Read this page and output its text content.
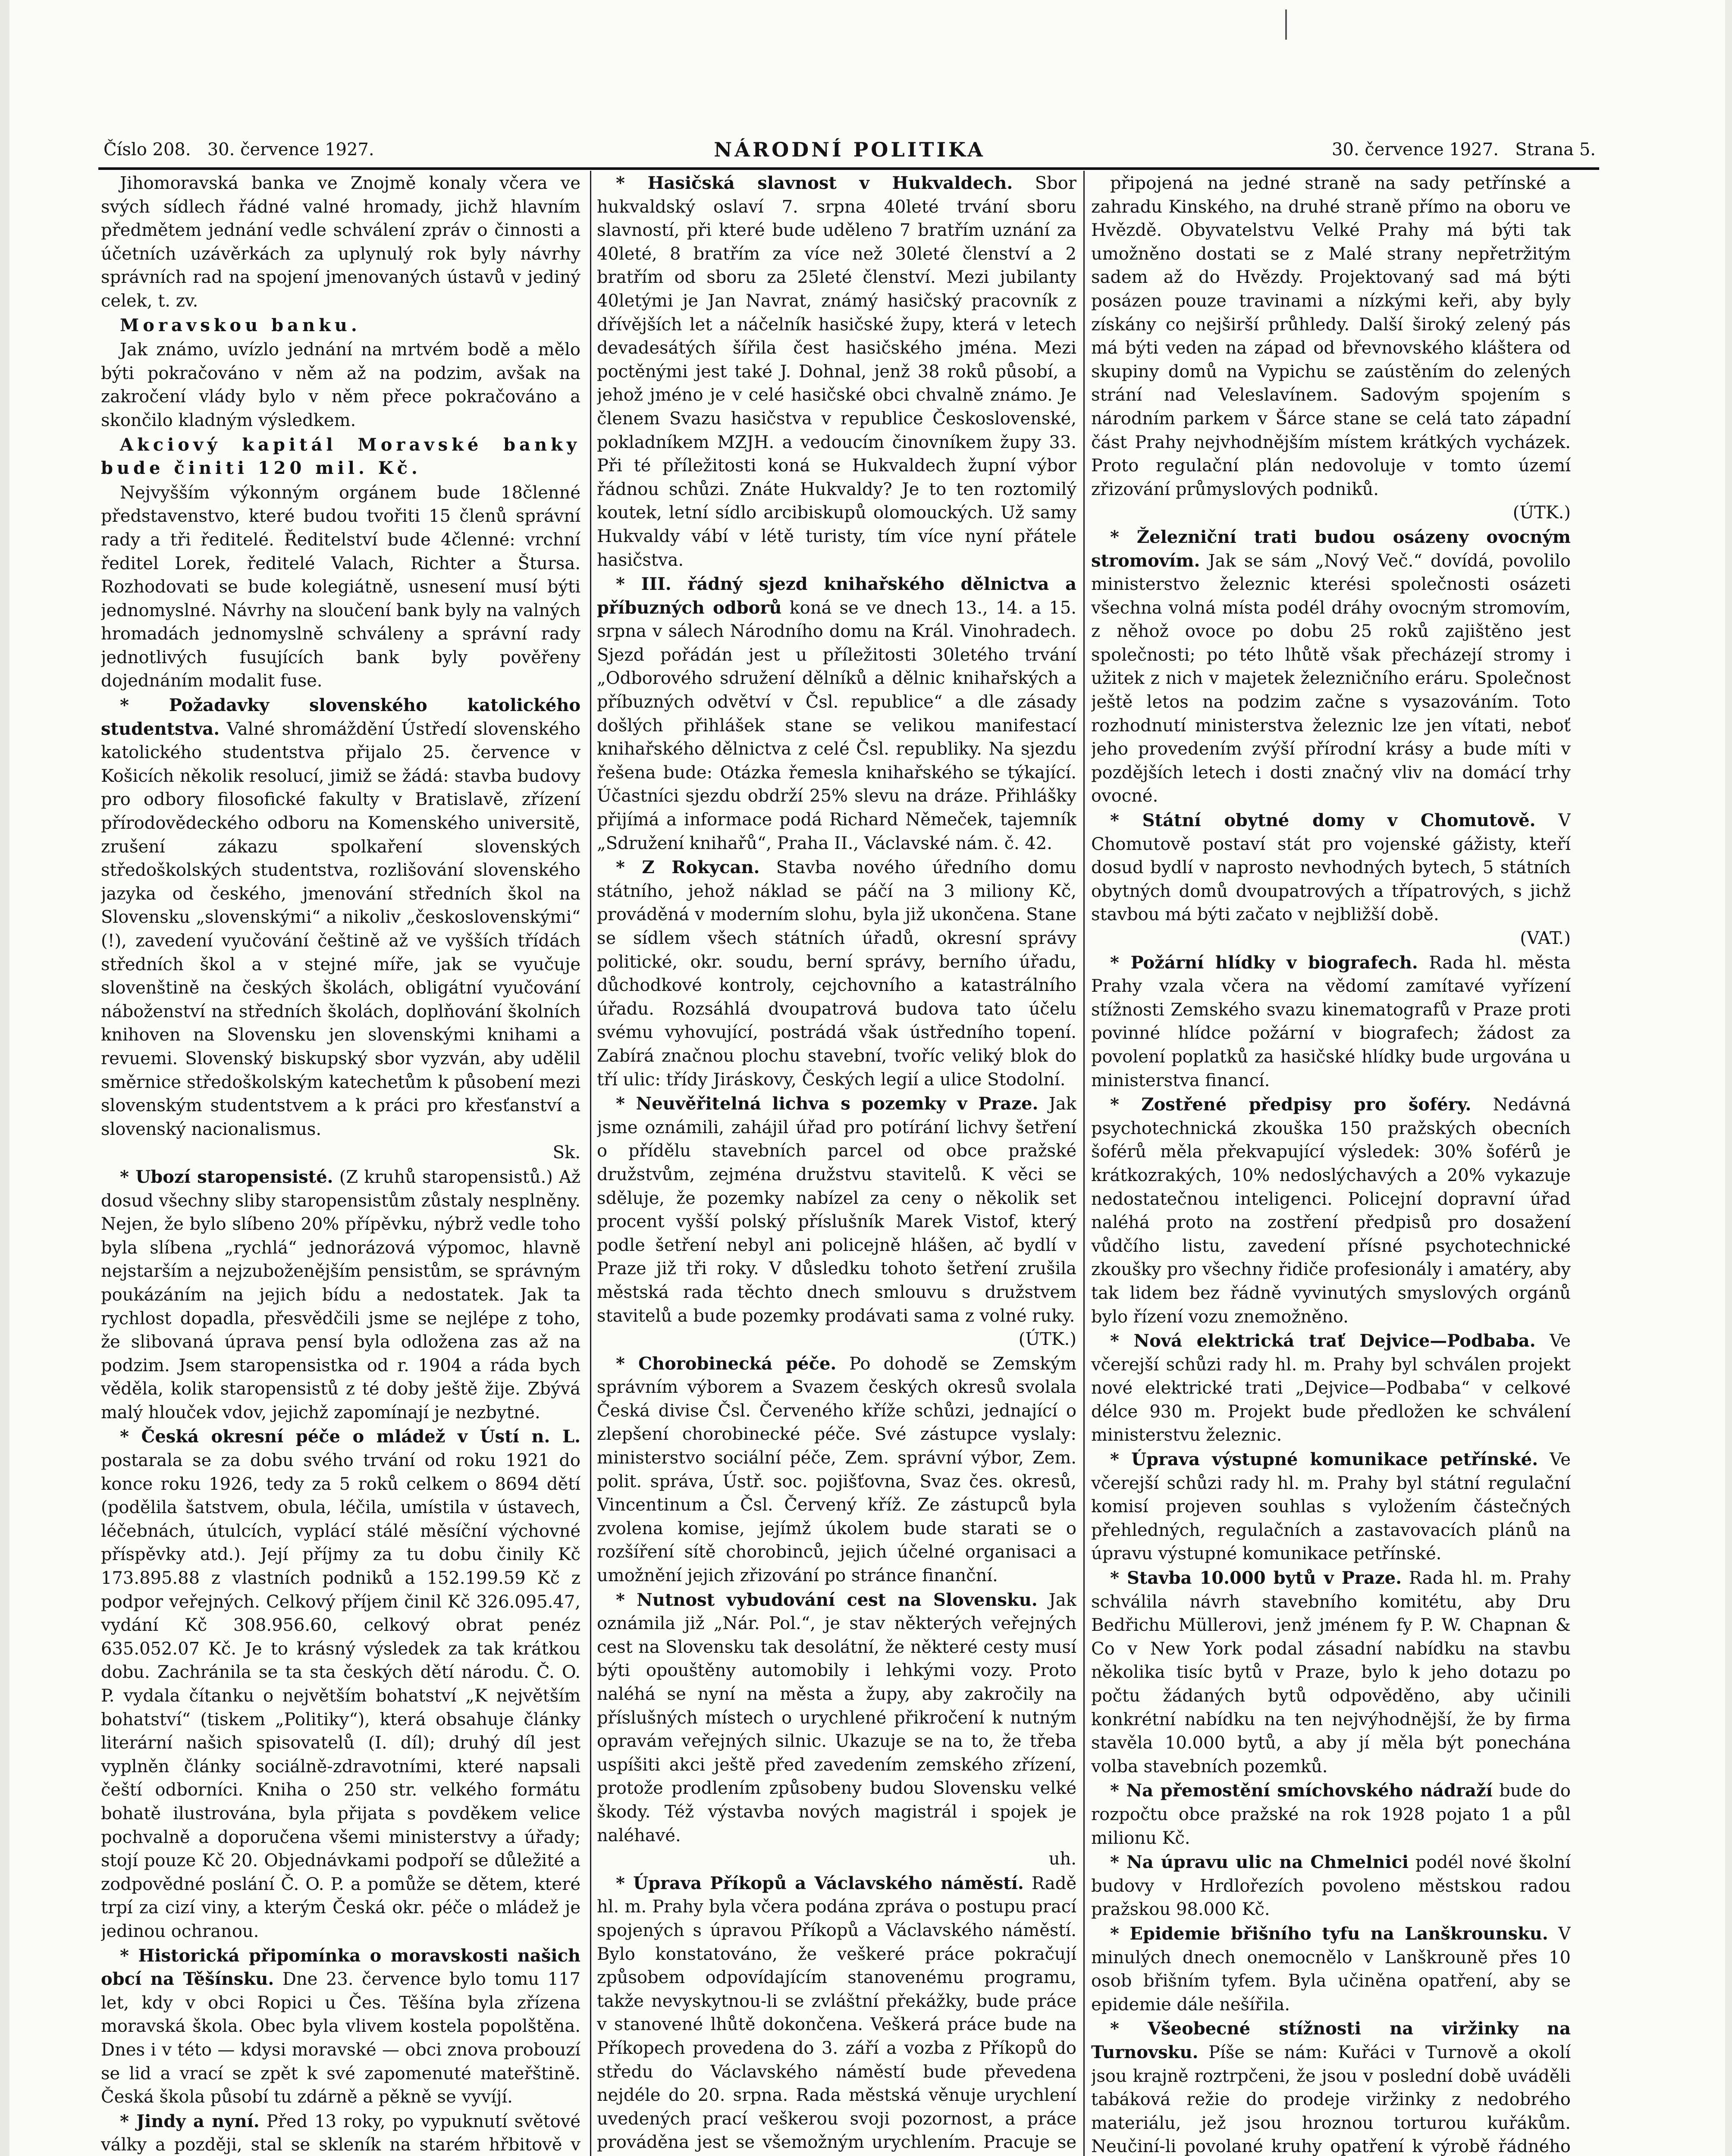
Číslo 208. 30. července 1927.	NÁRODNÍ POLITIKA	30. července 1927. Strana 5.

Jihomoravská banka ve Znojmě konaly včera ve svých sídlech řádné valné hromady, jichž hlavním předmětem jednání vedle schválení zpráv o činnosti a účetních uzávěrkách za uplynulý rok byly návrhy správních rad na spojení jmenovaných ústavů v jediný celek, t. zv.

Moravskou banku.

Jak známo, uvízlo jednání na mrtvém bodě a mělo býti pokračováno v něm až na podzim, avšak na zakročení vlády bylo v něm přece pokračováno a skončilo kladným výsledkem.

Akciový kapitál Moravské banky bude činiti 120 mil. Kč.

Nejvyšším výkonným orgánem bude 18členné představenstvo, které budou tvořiti 15 členů správní rady a tři ředitelé. Ředitelství bude 4členné: vrchní ředitel Lorek, ředitelé Valach, Richter a Štursa. Rozhodovati se bude kolegiátně, usnesení musí býti jednomyslné. Návrhy na sloučení bank byly na valných hromadách jednomyslně schváleny a správní rady jednotlivých fusujících bank byly pověřeny dojednáním modalit fuse.

* Požadavky slovenského katolického studentstva. Valné shromáždění Ústředí slovenského katolického studentstva přijalo 25. července v Košicích několik resolucí, jimiž se žádá: stavba budovy pro odbory filosofické fakulty v Bratislavě, zřízení přírodovědeckého odboru na Komenského universitě, zrušení zákazu spolkaření slovenských středoškolských studentstva, rozlišování slovenského jazyka od českého, jmenování středních škol na Slovensku „slovenskými“ a nikoliv „československými“ (!), zavedení vyučování češtině až ve vyšších třídách středních škol a v stejné míře, jak se vyučuje slovenštině na českých školách, obligátní vyučování náboženství na středních školách, doplňování školních knihoven na Slovensku jen slovenskými knihami a revuemi. Slovenský biskupský sbor vyzván, aby udělil směrnice středoškolským katechetům k působení mezi slovenským studentstvem a k práci pro křesťanství a slovenský nacionalismus.
Sk.

* Ubozí staropensisté. (Z kruhů staropensistů.) Až dosud všechny sliby staropensistům zůstaly nesplněny. Nejen, že bylo slíbeno 20% přípěvku, nýbrž vedle toho byla slíbena „rychlá“ jednorázová výpomoc, hlavně nejstarším a nejzuboženějším pensistům, se správným poukázáním na jejich bídu a nedostatek. Jak ta rychlost dopadla, přesvědčili jsme se nejlépe z toho, že slibovaná úprava pensí byla odložena zas až na podzim. Jsem staropensistka od r. 1904 a ráda bych věděla, kolik staropensistů z té doby ještě žije. Zbývá malý hlouček vdov, jejichž zapomínají je nezbytné.

* Česká okresní péče o mládež v Ústí n. L. postarala se za dobu svého trvání od roku 1921 do konce roku 1926, tedy za 5 roků celkem o 8694 dětí (podělila šatstvem, obula, léčila, umístila v ústavech, léčebnách, útulcích, vyplácí stálé měsíční výchovné příspěvky atd.). Její příjmy za tu dobu činily Kč 173.895.88 z vlastních podniků a 152.199.59 Kč z podpor veřejných. Celkový příjem činil Kč 326.095.47, vydání Kč 308.956.60, celkový obrat penéz 635.052.07 Kč. Je to krásný výsledek za tak krátkou dobu. Zachránila se ta sta českých dětí národu. Č. O. P. vydala čítanku o největším bohatství „K největším bohatství“ (tiskem „Politiky“), která obsahuje články literární našich spisovatelů (I. díl); druhý díl jest vyplněn články sociálně-zdravotními, které napsali čeští odborníci. Kniha o 250 str. velkého formátu bohatě ilustrována, byla přijata s povděkem velice pochvalně a doporučena všemi ministerstvy a úřady; stojí pouze Kč 20. Objednávkami podpoří se důležité a zodpovědné poslání Č. O. P. a pomůže se dětem, které trpí za cizí viny, a kterým Česká okr. péče o mládež je jedinou ochranou.

* Historická připomínka o moravskosti našich obcí na Těšínsku. Dne 23. července bylo tomu 117 let, kdy v obci Ropici u Čes. Těšína byla zřízena moravská škola. Obec byla vlivem kostela popolštěna. Dnes i v této — kdysi moravské — obci znova probouzí se lid a vrací se zpět k své zapomenuté mateřštině. Česká škola působí tu zdárně a pěkně se vyvíjí.

* Jindy a nyní. Před 13 roky, po vypuknutí světové války a později, stal se skleník na starém hřbitově v

* Hasičská slavnost v Hukvaldech. Sbor hukvaldský oslaví 7. srpna 40leté trvání sboru slavností, při které bude uděleno 7 bratřím uznání za 40leté, 8 bratřím za více než 30leté členství a 2 bratřím od sboru za 25leté členství. Mezi jubilanty 40letými je Jan Navrat, známý hasičský pracovník z dřívějších let a náčelník hasičské župy, která v letech devadesátých šířila čest hasičského jména. Mezi poctěnými jest také J. Dohnal, jenž 38 roků působí, a jehož jméno je v celé hasičské obci chvalně známo. Je členem Svazu hasičstva v republice Československé, pokladníkem MZJH. a vedoucím činovníkem župy 33. Při té příležitosti koná se Hukvaldech župní výbor řádnou schůzi. Znáte Hukvaldy? Je to ten roztomilý koutek, letní sídlo arcibiskupů olomouckých. Už samy Hukvaldy vábí v létě turisty, tím více nyní přátele hasičstva.

* III. řádný sjezd knihařského dělnictva a příbuzných odborů koná se ve dnech 13., 14. a 15. srpna v sálech Národního domu na Král. Vinohradech. Sjezd pořádán jest u příležitosti 30letého trvání „Odborového sdružení dělníků a dělnic knihařských a příbuzných odvětví v Čsl. republice“ a dle zásady došlých přihlášek stane se velikou manifestací knihařského dělnictva z celé Čsl. republiky. Na sjezdu řešena bude: Otázka řemesla knihařského se týkající. Účastníci sjezdu obdrží 25% slevu na dráze. Přihlášky přijímá a informace podá Richard Němeček, tajemník „Sdružení knihařů“, Praha II., Václavské nám. č. 42.

* Z Rokycan. Stavba nového úředního domu státního, jehož náklad se páčí na 3 miliony Kč, prováděná v moderním slohu, byla již ukončena. Stane se sídlem všech státních úřadů, okresní správy politické, okr. soudu, berní správy, berního úřadu, důchodkové kontroly, cejchovního a katastrálního úřadu. Rozsáhlá dvoupatrová budova tato účelu svému vyhovující, postrádá však ústředního topení. Zabírá značnou plochu stavební, tvoříc veliký blok do tří ulic: třídy Jiráskovy, Českých legií a ulice Stodolní.

* Neuvěřitelná lichva s pozemky v Praze. Jak jsme oznámili, zahájil úřad pro potírání lichvy šetření o přídělu stavebních parcel od obce pražské družstvům, zejména družstvu stavitelů. K věci se sděluje, že pozemky nabízel za ceny o několik set procent vyšší polský příslušník Marek Vistof, který podle šetření nebyl ani policejně hlášen, ač bydlí v Praze již tři roky. V důsledku tohoto šetření zrušila městská rada těchto dnech smlouvu s družstvem stavitelů a bude pozemky prodávati sama z volné ruky.
(ÚTK.)

* Chorobinecká péče. Po dohodě se Zemským správním výborem a Svazem českých okresů svolala Česká divise Čsl. Červeného kříže schůzi, jednající o zlepšení chorobinecké péče. Své zástupce vyslaly: ministerstvo sociální péče, Zem. správní výbor, Zem. polit. správa, Ústř. soc. pojišťovna, Svaz čes. okresů, Vincentinum a Čsl. Červený kříž. Ze zástupců byla zvolena komise, jejímž úkolem bude starati se o rozšíření sítě chorobinců, jejich účelné organisaci a umožnění jejich zřizování po stránce finanční.

* Nutnost vybudování cest na Slovensku. Jak oznámila již „Nár. Pol.“, je stav některých veřejných cest na Slovensku tak desolátní, že některé cesty musí býti opouštěny automobily i lehkými vozy. Proto naléhá se nyní na města a župy, aby zakročily na příslušných místech o urychlené přikročení k nutným opravám veřejných silnic. Ukazuje se na to, že třeba uspíšiti akci ještě před zavedením zemského zřízení, protože prodlením způsobeny budou Slovensku velké škody. Též výstavba nových magistrál i spojek je naléhavé.
uh.

* Úprava Příkopů a Václavského náměstí. Radě hl. m. Prahy byla včera podána zpráva o postupu prací spojených s úpravou Příkopů a Václavského náměstí. Bylo konstatováno, že veškeré práce pokračují způsobem odpovídajícím stanovenému programu, takže nevyskytnou-li se zvláštní překážky, bude práce v stanovené lhůtě dokončena. Veškerá práce bude na Příkopech provedena do 3. září a vozba z Příkopů do středu do Václavského náměstí bude převedena nejdéle do 20. srpna. Rada městská věnuje urychlení uvedených prací veškerou svoji pozornost, a práce prováděna jest se všemožným urychlením. Pracuje se

připojená na jedné straně na sady petřínské a zahradu Kinského, na druhé straně přímo na oboru ve Hvězdě. Obyvatelstvu Velké Prahy má býti tak umožněno dostati se z Malé strany nepřetržitým sadem až do Hvězdy. Projektovaný sad má býti posázen pouze travinami a nízkými keři, aby byly získány co nejširší průhledy. Další široký zelený pás má býti veden na západ od břevnovského kláštera od skupiny domů na Vypichu se zaústěním do zelených strání nad Veleslavínem. Sadovým spojením s národním parkem v Šárce stane se celá tato západní část Prahy nejvhodnějším místem krátkých vycházek. Proto regulační plán nedovoluje v tomto území zřizování průmyslových podniků.
(ÚTK.)

* Železniční trati budou osázeny ovocným stromovím. Jak se sám „Nový Več.“ dovídá, povolilo ministerstvo železnic kterési společnosti osázeti všechna volná místa podél dráhy ovocným stromovím, z něhož ovoce po dobu 25 roků zajištěno jest společnosti; po této lhůtě však přecházejí stromy i užitek z nich v majetek železničního eráru. Společnost ještě letos na podzim začne s vysazováním. Toto rozhodnutí ministerstva železnic lze jen vítati, neboť jeho provedením zvýší přírodní krásy a bude míti v pozdějších letech i dosti značný vliv na domácí trhy ovocné.

* Státní obytné domy v Chomutově. V Chomutově postaví stát pro vojenské gážisty, kteří dosud bydlí v naprosto nevhodných bytech, 5 státních obytných domů dvoupatrových a třípatrových, s jichž stavbou má býti začato v nejbližší době.
(VAT.)

* Požární hlídky v biografech. Rada hl. města Prahy vzala včera na vědomí zamítavé vyřízení stížnosti Zemského svazu kinematografů v Praze proti povinné hlídce požární v biografech; žádost za povolení poplatků za hasičské hlídky bude urgována u ministerstva financí.

* Zostřené předpisy pro šoféry. Nedávná psychotechnická zkouška 150 pražských obecních šoférů měla překvapující výsledek: 30% šoférů je krátkozrakých, 10% nedoslýchavých a 20% vykazuje nedostatečnou inteligenci. Policejní dopravní úřad naléhá proto na zostření předpisů pro dosažení vůdčího listu, zavedení přísné psychotechnické zkoušky pro všechny řidiče profesionály i amatéry, aby tak lidem bez řádně vyvinutých smyslových orgánů bylo řízení vozu znemožněno.

* Nová elektrická trať Dejvice—Podbaba. Ve včerejší schůzi rady hl. m. Prahy byl schválen projekt nové elektrické trati „Dejvice—Podbaba“ v celkové délce 930 m. Projekt bude předložen ke schválení ministerstvu železnic.

* Úprava výstupné komunikace petřínské. Ve včerejší schůzi rady hl. m. Prahy byl státní regulační komisí projeven souhlas s vyložením částečných přehledných, regulačních a zastavovacích plánů na úpravu výstupné komunikace petřínské.

* Stavba 10.000 bytů v Praze. Rada hl. m. Prahy schválila návrh stavebního komitétu, aby Dru Bedřichu Müllerovi, jenž jménem fy P. W. Chapnan & Co v New York podal zásadní nabídku na stavbu několika tisíc bytů v Praze, bylo k jeho dotazu po počtu žádaných bytů odpověděno, aby učinili konkrétní nabídku na ten nejvýhodnější, že by firma stavěla 10.000 bytů, a aby jí měla být ponechána volba stavebních pozemků.

* Na přemostění smíchovského nádraží bude do rozpočtu obce pražské na rok 1928 pojato 1 a půl milionu Kč.

* Na úpravu ulic na Chmelnici podél nové školní budovy v Hrdlořezích povoleno městskou radou pražskou 98.000 Kč.

* Epidemie břišního tyfu na Lanškrounsku. V minulých dnech onemocnělo v Lanškrouně přes 10 osob břišním tyfem. Byla učiněna opatření, aby se epidemie dále nešířila.

* Všeobecné stížnosti na viržinky na Turnovsku. Píše se nám: Kuřáci v Turnově a okolí jsou krajně roztrpčeni, že jsou v poslední době uváděli tabáková režie do prodeje viržinky z nedobrého materiálu, jež jsou hroznou torturou kuřákům. Neučiní-li povolané kruhy opatření k výrobě řádného
